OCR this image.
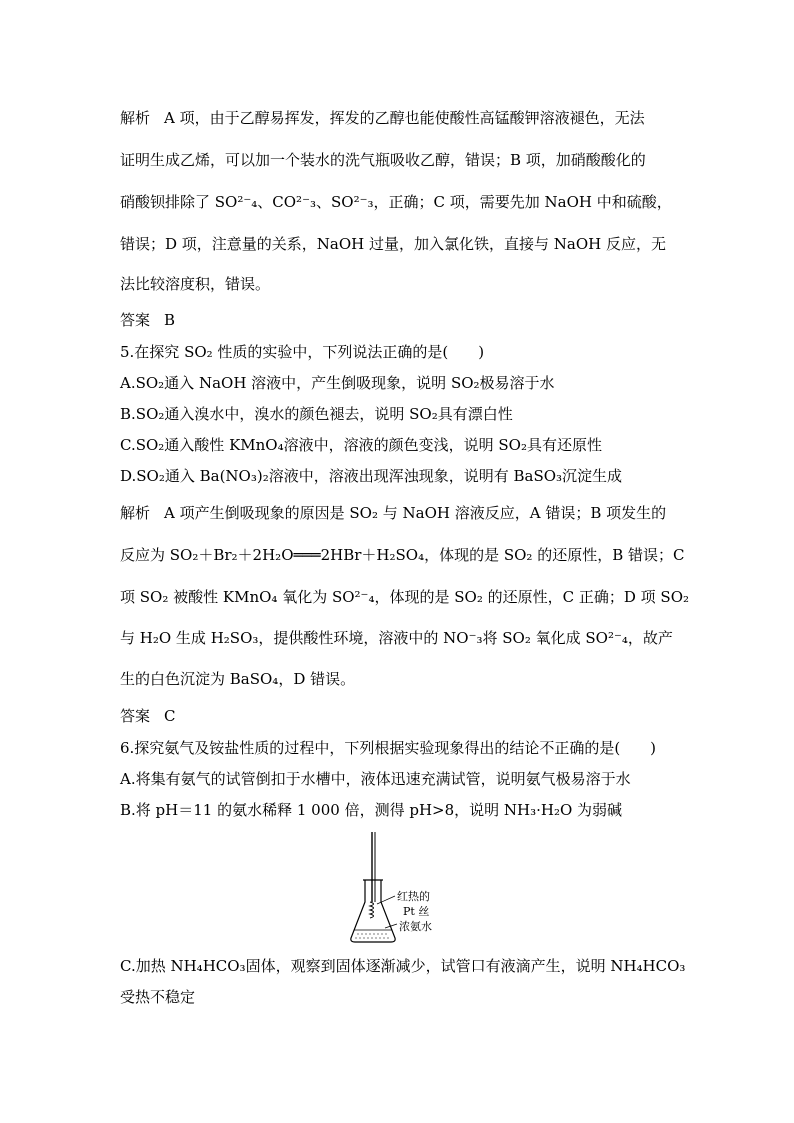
解析 A 项，由于乙醇易挥发，挥发的乙醇也能使酸性高锰酸钾溶液褪色，无法
证明生成乙烯，可以加一个装水的洗气瓶吸收乙醇，错误；B 项，加硝酸酸化的
硝酸钡排除了 SO²⁻₄、CO²⁻₃、SO²⁻₃，正确；C 项，需要先加 NaOH 中和硫酸，
错误；D 项，注意量的关系，NaOH 过量，加入氯化铁，直接与 NaOH 反应，无
法比较溶度积，错误。
答案 B
5.在探究 SO₂ 性质的实验中，下列说法正确的是(　　)
A.SO₂通入 NaOH 溶液中，产生倒吸现象，说明 SO₂极易溶于水
B.SO₂通入溴水中，溴水的颜色褪去，说明 SO₂具有漂白性
C.SO₂通入酸性 KMnO₄溶液中，溶液的颜色变浅，说明 SO₂具有还原性
D.SO₂通入 Ba(NO₃)₂溶液中，溶液出现浑浊现象，说明有 BaSO₃沉淀生成
解析 A 项产生倒吸现象的原因是 SO₂ 与 NaOH 溶液反应，A 错误；B 项发生的
反应为 SO₂＋Br₂＋2H₂O═══2HBr＋H₂SO₄，体现的是 SO₂ 的还原性，B 错误；C
项 SO₂ 被酸性 KMnO₄ 氧化为 SO²⁻₄，体现的是 SO₂ 的还原性，C 正确；D 项 SO₂
与 H₂O 生成 H₂SO₃，提供酸性环境，溶液中的 NO⁻₃将 SO₂ 氧化成 SO²⁻₄，故产
生的白色沉淀为 BaSO₄，D 错误。
答案 C
6.探究氨气及铵盐性质的过程中，下列根据实验现象得出的结论不正确的是(　　)
A.将集有氨气的试管倒扣于水槽中，液体迅速充满试管，说明氨气极易溶于水
B.将 pH＝11 的氨水稀释 1 000 倍，测得 pH>8，说明 NH₃·H₂O 为弱碱
红热的
Pt 丝
浓氨水
C.加热 NH₄HCO₃固体，观察到固体逐渐减少，试管口有液滴产生，说明 NH₄HCO₃
受热不稳定
